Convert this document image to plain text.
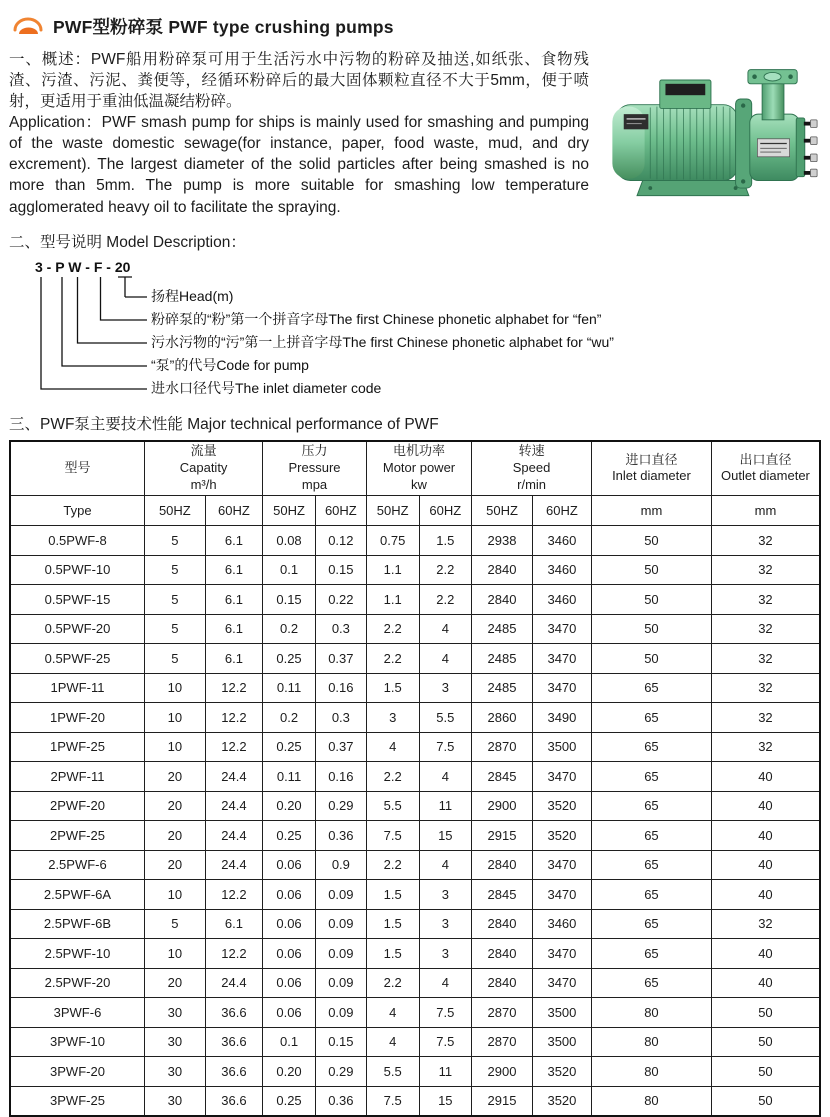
PWF型粉碎泵 PWF type crushing pumps

一、概述：PWF船用粉碎泵可用于生活污水中污物的粉碎及抽送,如纸张、食物残渣、污渣、污泥、粪便等，经循环粉碎后的最大固体颗粒直径不大于5mm，便于喷射，更适用于重油低温凝结粉碎。

Application：PWF smash pump for ships is mainly used for smashing and pumping of the waste domestic sewage(for instance, paper, food waste, mud, and dry excrement). The largest diameter of the solid particles after being smashed is no more than 5mm. The pump is more suitable for smashing low temperature agglomerated heavy oil to facilitate the spraying.

二、型号说明 Model Description：
3 - P W - F - 20
扬程Head(m)
粉碎泵的“粉”第一个拼音字母The first Chinese phonetic alphabet for “fen”
污水污物的“污”第一上拼音字母The first Chinese phonetic alphabet for “wu”
“泵”的代号Code for pump
进水口径代号The inlet diameter code
三、PWF泵主要技术性能 Major technical performance of PWF
型号

流量
Capatity
m³/h

压力
Pressure
mpa

电机功率
Motor power
kw

转速
Speed
r/min

进口直径
Inlet diameter

出口直径
Outlet diameter

Type	50HZ	60HZ	50HZ	60HZ	50HZ	60HZ	50HZ	60HZ	mm	mm
0.5PWF-8	5	6.1	0.08	0.12	0.75	1.5	2938	3460	50	32
0.5PWF-10	5	6.1	0.1	0.15	1.1	2.2	2840	3460	50	32
0.5PWF-15	5	6.1	0.15	0.22	1.1	2.2	2840	3460	50	32
0.5PWF-20	5	6.1	0.2	0.3	2.2	4	2485	3470	50	32
0.5PWF-25	5	6.1	0.25	0.37	2.2	4	2485	3470	50	32
1PWF-11	10	12.2	0.11	0.16	1.5	3	2485	3470	65	32
1PWF-20	10	12.2	0.2	0.3	3	5.5	2860	3490	65	32
1PWF-25	10	12.2	0.25	0.37	4	7.5	2870	3500	65	32
2PWF-11	20	24.4	0.11	0.16	2.2	4	2845	3470	65	40
2PWF-20	20	24.4	0.20	0.29	5.5	11	2900	3520	65	40
2PWF-25	20	24.4	0.25	0.36	7.5	15	2915	3520	65	40
2.5PWF-6	20	24.4	0.06	0.9	2.2	4	2840	3470	65	40
2.5PWF-6A	10	12.2	0.06	0.09	1.5	3	2845	3470	65	40
2.5PWF-6B	5	6.1	0.06	0.09	1.5	3	2840	3460	65	32
2.5PWF-10	10	12.2	0.06	0.09	1.5	3	2840	3470	65	40
2.5PWF-20	20	24.4	0.06	0.09	2.2	4	2840	3470	65	40
3PWF-6	30	36.6	0.06	0.09	4	7.5	2870	3500	80	50
3PWF-10	30	36.6	0.1	0.15	4	7.5	2870	3500	80	50
3PWF-20	30	36.6	0.20	0.29	5.5	11	2900	3520	80	50
3PWF-25	30	36.6	0.25	0.36	7.5	15	2915	3520	80	50
